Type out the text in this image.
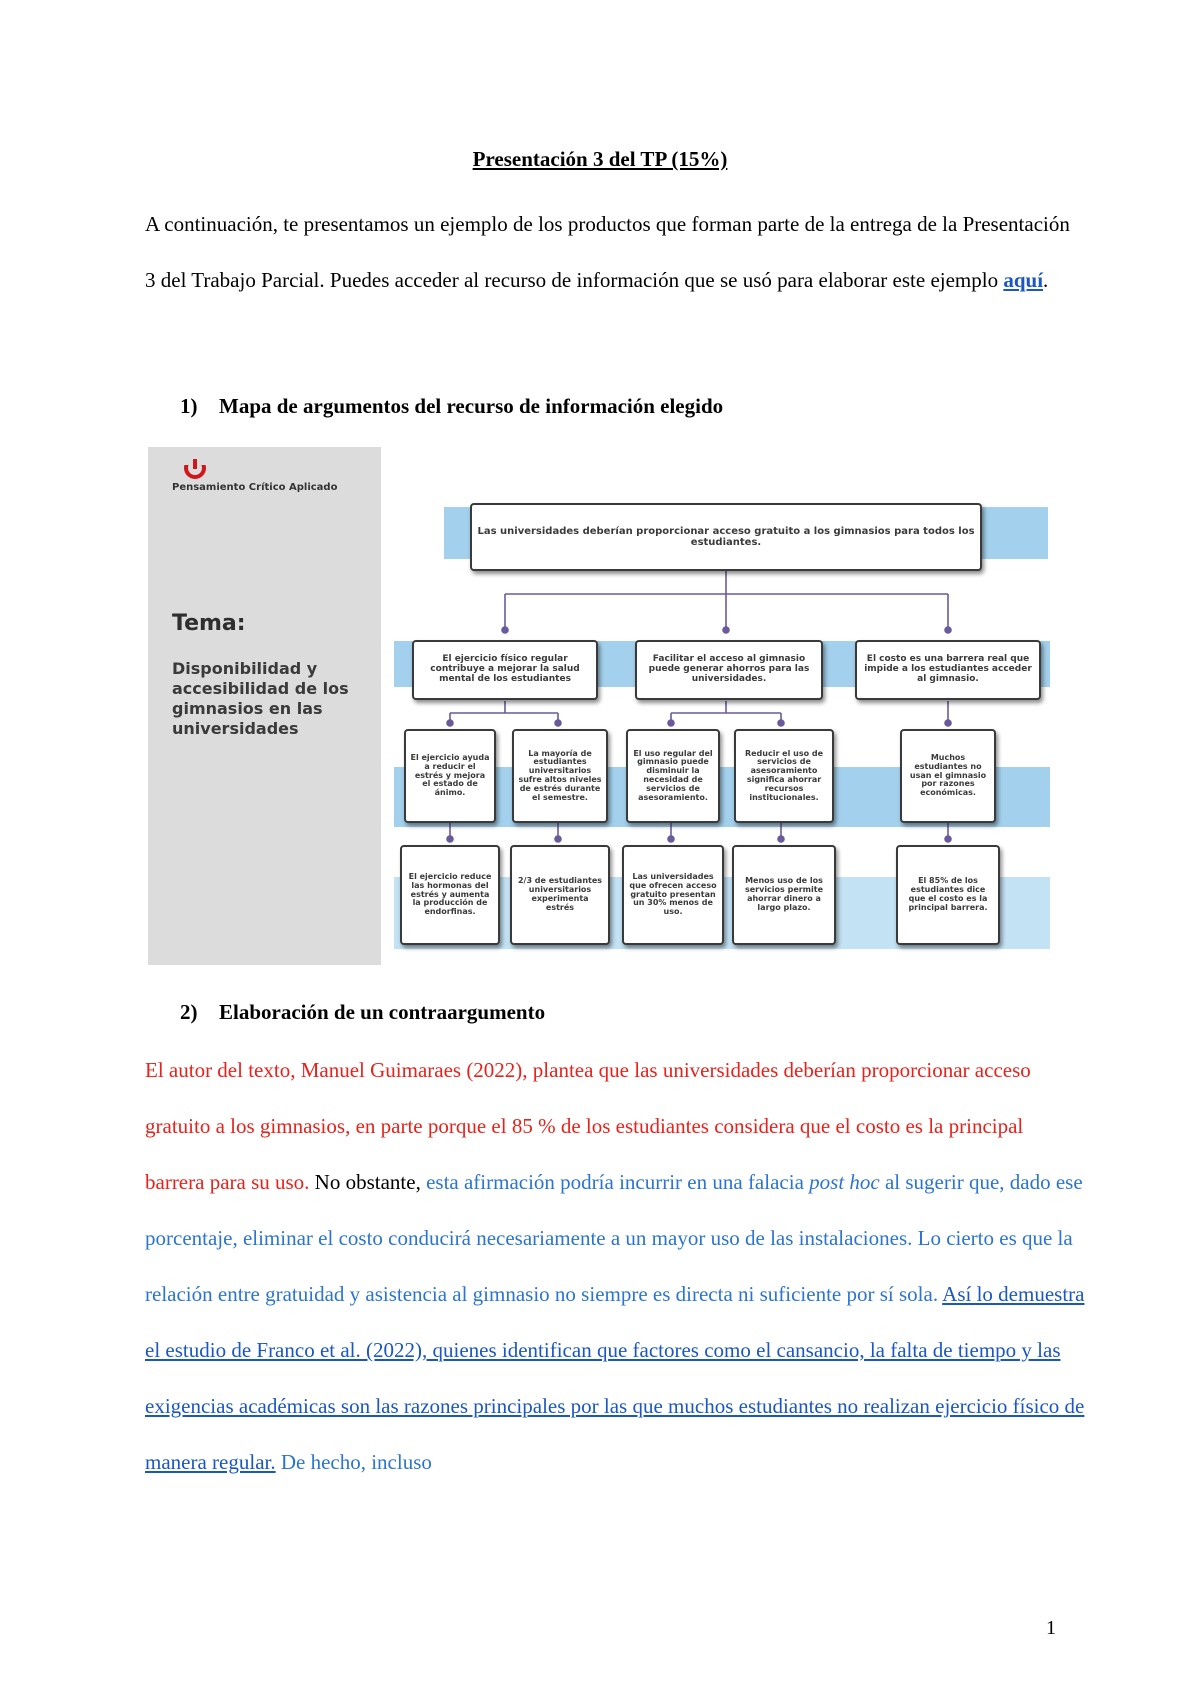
Presentación 3 del TP (15%)

A continuación, te presentamos un ejemplo de los productos que forman parte de la entrega de la Presentación 3 del Trabajo Parcial. Puedes acceder al recurso de información que se usó para elaborar este ejemplo aquí.

1) Mapa de argumentos del recurso de información elegido
Pensamiento Crítico Aplicado
Tema:
Disponibilidad y accesibilidad de los gimnasios en las universidades
Las universidades deberían proporcionar acceso gratuito a los gimnasios para todos los estudiantes.
El ejercicio físico regular contribuye a mejorar la salud mental de los estudiantes
Facilitar el acceso al gimnasio puede generar ahorros para las universidades.
El costo es una barrera real que impide a los estudiantes acceder al gimnasio.
El ejercicio ayuda a reducir el estrés y mejora el estado de ánimo.
La mayoría de estudiantes universitarios sufre altos niveles de estrés durante el semestre.
El uso regular del gimnasio puede disminuir la necesidad de servicios de asesoramiento.
Reducir el uso de servicios de asesoramiento significa ahorrar recursos institucionales.
Muchos estudiantes no usan el gimnasio por razones económicas.
El ejercicio reduce las hormonas del estrés y aumenta la producción de endorfinas.
2/3 de estudiantes universitarios experimenta estrés
Las universidades que ofrecen acceso gratuito presentan un 30% menos de uso.
Menos uso de los servicios permite ahorrar dinero a largo plazo.
El 85% de los estudiantes dice que el costo es la principal barrera.
2) Elaboración de un contraargumento

El autor del texto, Manuel Guimaraes (2022), plantea que las universidades deberían proporcionar acceso gratuito a los gimnasios, en parte porque el 85 % de los estudiantes considera que el costo es la principal barrera para su uso. No obstante, esta afirmación podría incurrir en una falacia post hoc al sugerir que, dado ese porcentaje, eliminar el costo conducirá necesariamente a un mayor uso de las instalaciones. Lo cierto es que la relación entre gratuidad y asistencia al gimnasio no siempre es directa ni suficiente por sí sola. Así lo demuestra el estudio de Franco et al. (2022), quienes identifican que factores como el cansancio, la falta de tiempo y las exigencias académicas son las razones principales por las que muchos estudiantes no realizan ejercicio físico de manera regular. De hecho, incluso

1
